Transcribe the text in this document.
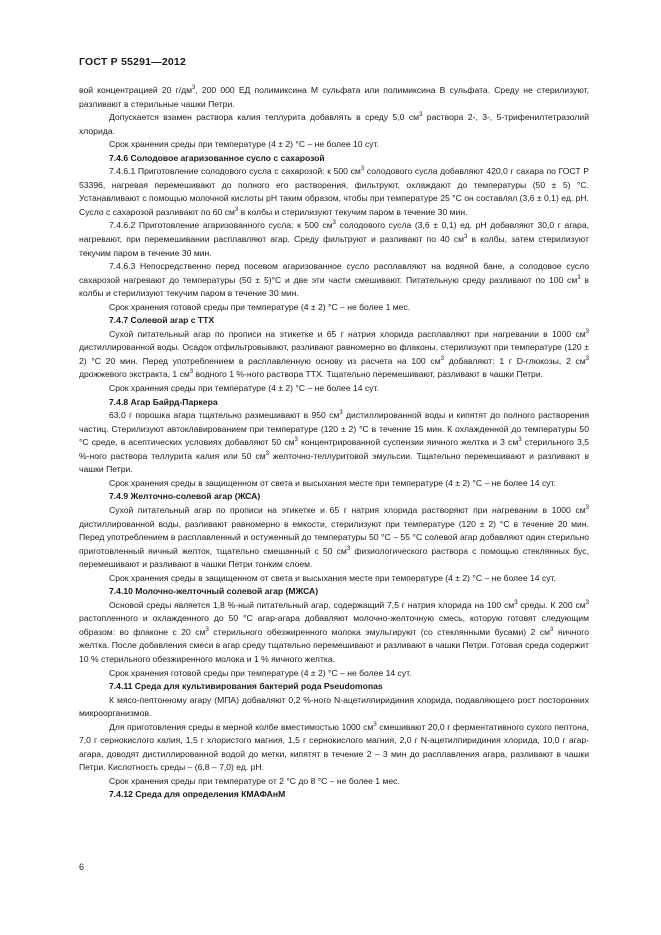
ГОСТ Р 55291—2012

вой концентрацией 20 $г/дм^3$, 200 000 ЕД полимиксина М сульфата или полимиксина В сульфата. Среду не стерилизуют, разливают в стерильные чашки Петри.

Допускается взамен раствора калия теллурита добавлять в среду 5,0 $см^3$ раствора 2-, 3-, 5-трифенилтетразолий хлорида.

Срок хранения среды при температуре (4 ± 2) °С – не более 10 сут.

7.4.6 Солодовое агаризованное сусло с сахарозой

7.4.6.1 Приготовление солодового сусла с сахарозой: к 500 $см^3$ солодового сусла добавляют 420,0 г сахара по ГОСТ Р 53396, нагревая перемешивают до полного его растворения, фильтруют, охлаждают до температуры (50 ± 5) °С. Устанавливают с помощью молочной кислоты рН таким образом, чтобы при температуре 25 °С он составлял (3,6 ± 0,1) ед. рН. Сусло с сахарозой разливают по 60 $см^3$ в колбы и стерилизуют текучим паром в течение 30 мин.

7.4.6.2 Приготовление агаризованного сусла: к 500 $см^3$ солодового сусла (3,6 ± 0,1) ед. рН добавляют 30,0 г агара, нагревают, при перемешивании расплавляют агар. Среду фильтруют и разливают по 40 $см^3$ в колбы, затем стерилизуют текучим паром в течение 30 мин.

7.4.6.3 Непосредственно перед посевом агаризованное сусло расплавляют на водяной бане, а солодовое сусло сахарозой нагревают до температуры (50 ± 5)°С и две эти части смешивают. Питательную среду разливают по 100 $см^3$ в колбы и стерилизуют текучим паром в течение 30 мин.

Срок хранения готовой среды при температуре (4 ± 2) °С – не более 1 мес.

7.4.7 Солевой агар с ТТХ

Сухой питательный агар по прописи на этикетке и 65 г натрия хлорида расплавляют при нагревании в 1000 $см^3$ дистиллированной воды. Осадок отфильтровывают, разливают равномерно во флаконы, стерилизуют при температуре (120 ± 2) °С 20 мин. Перед употреблением в расплавленную основу из расчета на 100 $см^3$ добавляют: 1 г D-глюкозы, 2 $см^3$ дрожжевого экстракта, 1 $см^3$ водного 1 %-ного раствора ТТХ. Тщательно перемешивают, разливают в чашки Петри.

Срок хранения среды при температуре (4 ± 2) °С – не более 14 сут.

7.4.8 Агар Байрд-Паркера

63,0 г порошка агара тщательно размешивают в 950 $см^3$ дистиллированной воды и кипятят до полного растворения частиц. Стерилизуют автоклавированием при температуре (120 ± 2) °С в течение 15 мин. К охлажденной до температуры 50 °С среде, в асептических условиях добавляют 50 $см^3$ концентрированной суспензии яичного желтка и 3 $см^3$ стерильного 3,5 %-ного раствора теллурита калия или 50 $см^3$ желточно-теллуритовой эмульсии. Тщательно перемешивают и разливают в чашки Петри.

Срок хранения среды в защищенном от света и высыхания месте при температуре (4 ± 2) °С – не более 14 сут.

7.4.9 Желточно-солевой агар (ЖСА)

Сухой питательный агар по прописи на этикетке и 65 г натрия хлорида растворяют при нагревании в 1000 $см^3$ дистиллированной воды, разливают равномерно в емкости, стерилизуют при температуре (120 ± 2) °С в течение 20 мин. Перед употреблением в расплавленный и остуженный до температуры 50 °С – 55 °С солевой агар добавляют один стерильно приготовленный яичный желток, тщательно смешанный с 50 $см^3$ физиологического раствора с помощью стеклянных бус, перемешивают и разливают в чашки Петри тонким слоем.

Срок хранения среды в защищенном от света и высыхания месте при температуре (4 ± 2) °С – не более 14 сут.

7.4.10 Молочно-желточный солевой агар (МЖСА)

Основой среды является 1,8 %-ный питательный агар, содержащий 7,5 г натрия хлорида на 100 $см^3$ среды. К 200 $см^3$ растопленного и охлажденного до 50 °С агар-агара добавляют молочно-желточную смесь, которую готовят следующим образом: во флаконе с 20 $см^3$ стерильного обезжиренного молока эмульгируют (со стеклянными бусами) 2 $см^3$ яичного желтка. После добавления смеси в агар среду тщательно перемешивают и разливают в чашки Петри. Готовая среда содержит 10 % стерильного обезжиренного молока и 1 % яичного желтка.

Срок хранения готовой среды при температуре (4 ± 2) °С – не более 14 сут.

7.4.11 Среда для культивирования бактерий рода Pseudomonas

К мясо-пептонному агару (МПА) добавляют 0,2 %-ного N-ацетилпиридиния хлорида, подавляющего рост посторонних микроорганизмов.

Для приготовления среды в мерной колбе вместимостью 1000 $см^3$ смешивают 20,0 г ферментативного сухого пептона, 7,0 г сернокислого калия, 1,5 г хлористого магния, 1,5 г сернокислого магния, 2,0 г N-ацетилпиридиния хлорида, 10,0 г агар-агара, доводят дистиллированной водой до метки, кипятят в течение 2 – 3 мин до расплавления агара, разливают в чашки Петри. Кислотность среды – (6,8 – 7,0) ед. рН.

Срок хранения среды при температуре от 2 °С до 8 °С – не более 1 мес.

7.4.12 Среда для определения КМАФАнМ

6
